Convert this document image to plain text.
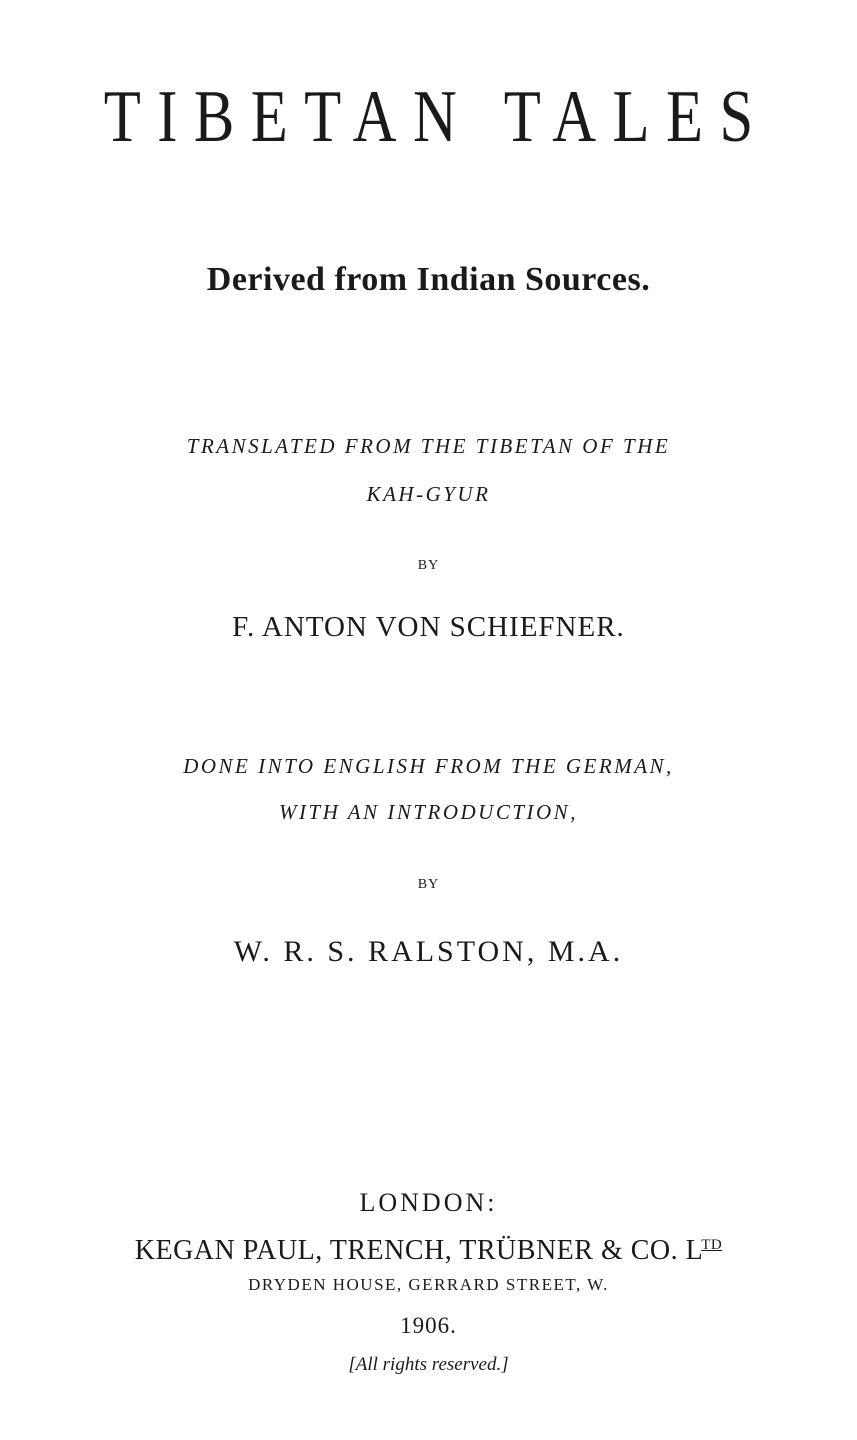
TIBETAN TALES
Derived from Indian Sources.
TRANSLATED FROM THE TIBETAN OF THE
KAH-GYUR
BY
F. ANTON VON SCHIEFNER.
DONE INTO ENGLISH FROM THE GERMAN,
WITH AN INTRODUCTION,
BY
W. R. S. RALSTON, M.A.
LONDON:
KEGAN PAUL, TRENCH, TRÜBNER & CO. $L^{TD}$
DRYDEN HOUSE, GERRARD STREET, W.
1906.
[All rights reserved.]
